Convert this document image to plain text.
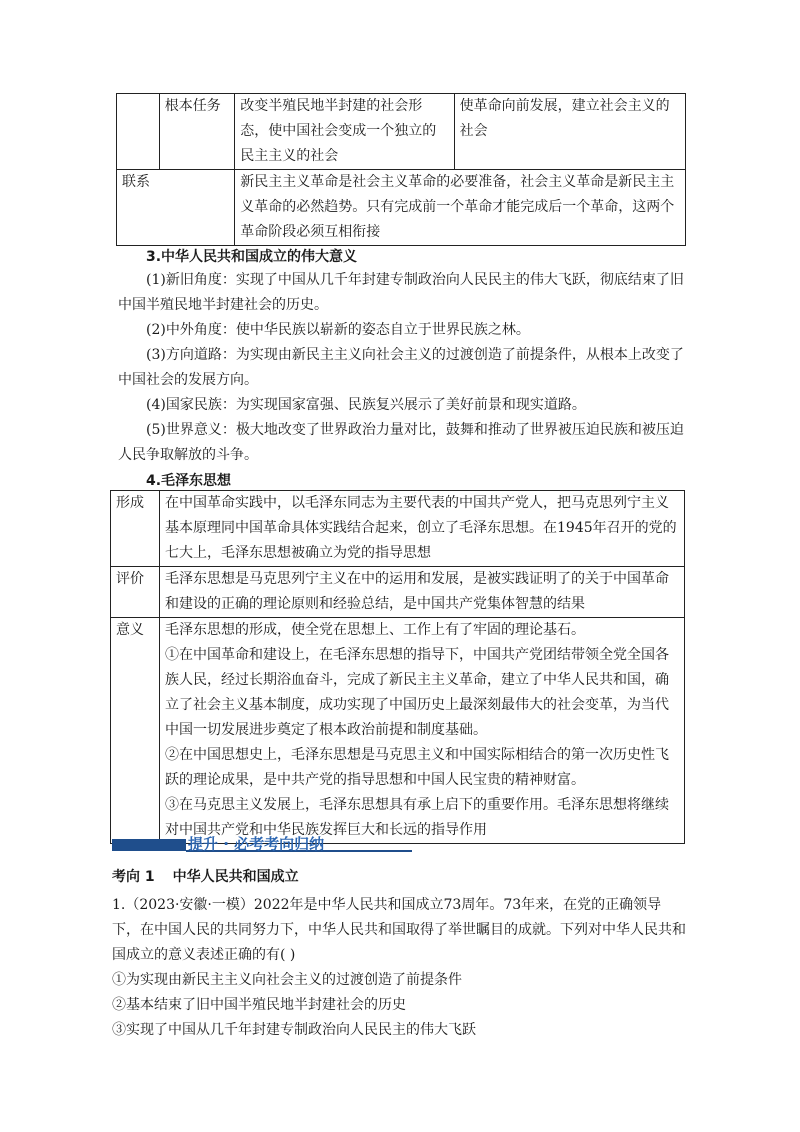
	根本任务	改变半殖民地半封建的社会形态，使中国社会变成一个独立的民主主义的社会	使革命向前发展，建立社会主义的社会
联系		新民主主义革命是社会主义革命的必要准备，社会主义革命是新民主主义革命的必然趋势。只有完成前一个革命才能完成后一个革命，这两个革命阶段必须互相衔接	
3.中华人民共和国成立的伟大意义
(1)新旧角度：实现了中国从几千年封建专制政治向人民民主的伟大飞跃，彻底结束了旧中国半殖民地半封建社会的历史。
(2)中外角度：使中华民族以崭新的姿态自立于世界民族之林。
(3)方向道路：为实现由新民主主义向社会主义的过渡创造了前提条件，从根本上改变了中国社会的发展方向。
(4)国家民族：为实现国家富强、民族复兴展示了美好前景和现实道路。
(5)世界意义：极大地改变了世界政治力量对比，鼓舞和推动了世界被压迫民族和被压迫人民争取解放的斗争。
4.毛泽东思想
形成	在中国革命实践中，以毛泽东同志为主要代表的中国共产党人，把马克思列宁主义基本原理同中国革命具体实践结合起来，创立了毛泽东思想。在1945年召开的党的七大上，毛泽东思想被确立为党的指导思想

评价	毛泽东思想是马克思列宁主义在中的运用和发展，是被实践证明了的关于中国革命和建设的正确的理论原则和经验总结，是中国共产党集体智慧的结果

意义	毛泽东思想的形成，使全党在思想上、工作上有了牢固的理论基石。
①在中国革命和建设上，在毛泽东思想的指导下，中国共产党团结带领全党全国各族人民，经过长期浴血奋斗，完成了新民主主义革命，建立了中华人民共和国，确立了社会主义基本制度，成功实现了中国历史上最深刻最伟大的社会变革，为当代中国一切发展进步奠定了根本政治前提和制度基础。
②在中国思想史上，毛泽东思想是马克思主义和中国实际相结合的第一次历史性飞跃的理论成果，是中共产党的指导思想和中国人民宝贵的精神财富。
③在马克思主义发展上，毛泽东思想具有承上启下的重要作用。毛泽东思想将继续对中国共产党和中华民族发挥巨大和长远的指导作用
提升 · 必考考向归纳
考向 1 中华人民共和国成立
1.（2023·安徽·一模）2022年是中华人民共和国成立73周年。73年来，在党的正确领导下，在中国人民的共同努力下，中华人民共和国取得了举世瞩目的成就。下列对中华人民共和国成立的意义表述正确的有( )
①为实现由新民主主义向社会主义的过渡创造了前提条件
②基本结束了旧中国半殖民地半封建社会的历史
③实现了中国从几千年封建专制政治向人民民主的伟大飞跃
